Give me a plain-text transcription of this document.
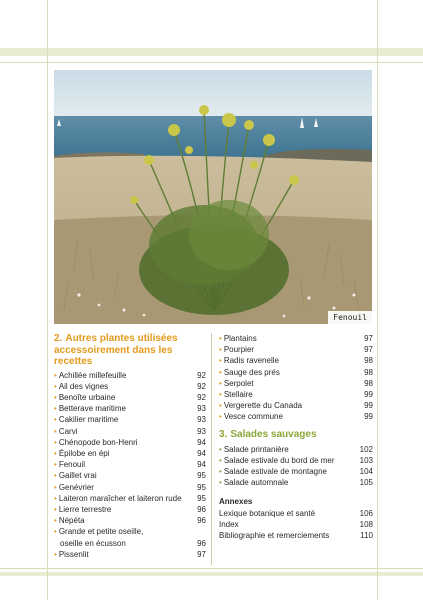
Fenouil
2. Autres plantes utilisées
accessoirement dans les recettes
• Achillée millefeuille	92
• Ail des vignes	92
• Benoîte urbaine	92
• Betterave maritime	93
• Cakilier maritime	93
• Carvi	93
• Chénopode bon-Henri	94
• Épilobe en épi	94
• Fenouil	94
• Gaillet vrai	95
• Genévrier	95
• Laiteron maraîcher et laiteron rude 95
• Lierre terrestre	96
• Népéta	96
• Grande et petite oseille,
oseille en écusson	96
• Pissenlit	97
• Plantains	97
• Pourpier	97
• Radis ravenelle	98
• Sauge des prés	98
• Serpolet	98
• Stellaire	99
• Vergerette du Canada	99
• Vesce commune	99
3. Salades sauvages
• Salade printanière	102
• Salade estivale du bord de mer	103
• Salade estivale de montagne	104
• Salade automnale	105
Annexes
Lexique botanique et santé	106
Index	108
Bibliographie et remerciements	110
